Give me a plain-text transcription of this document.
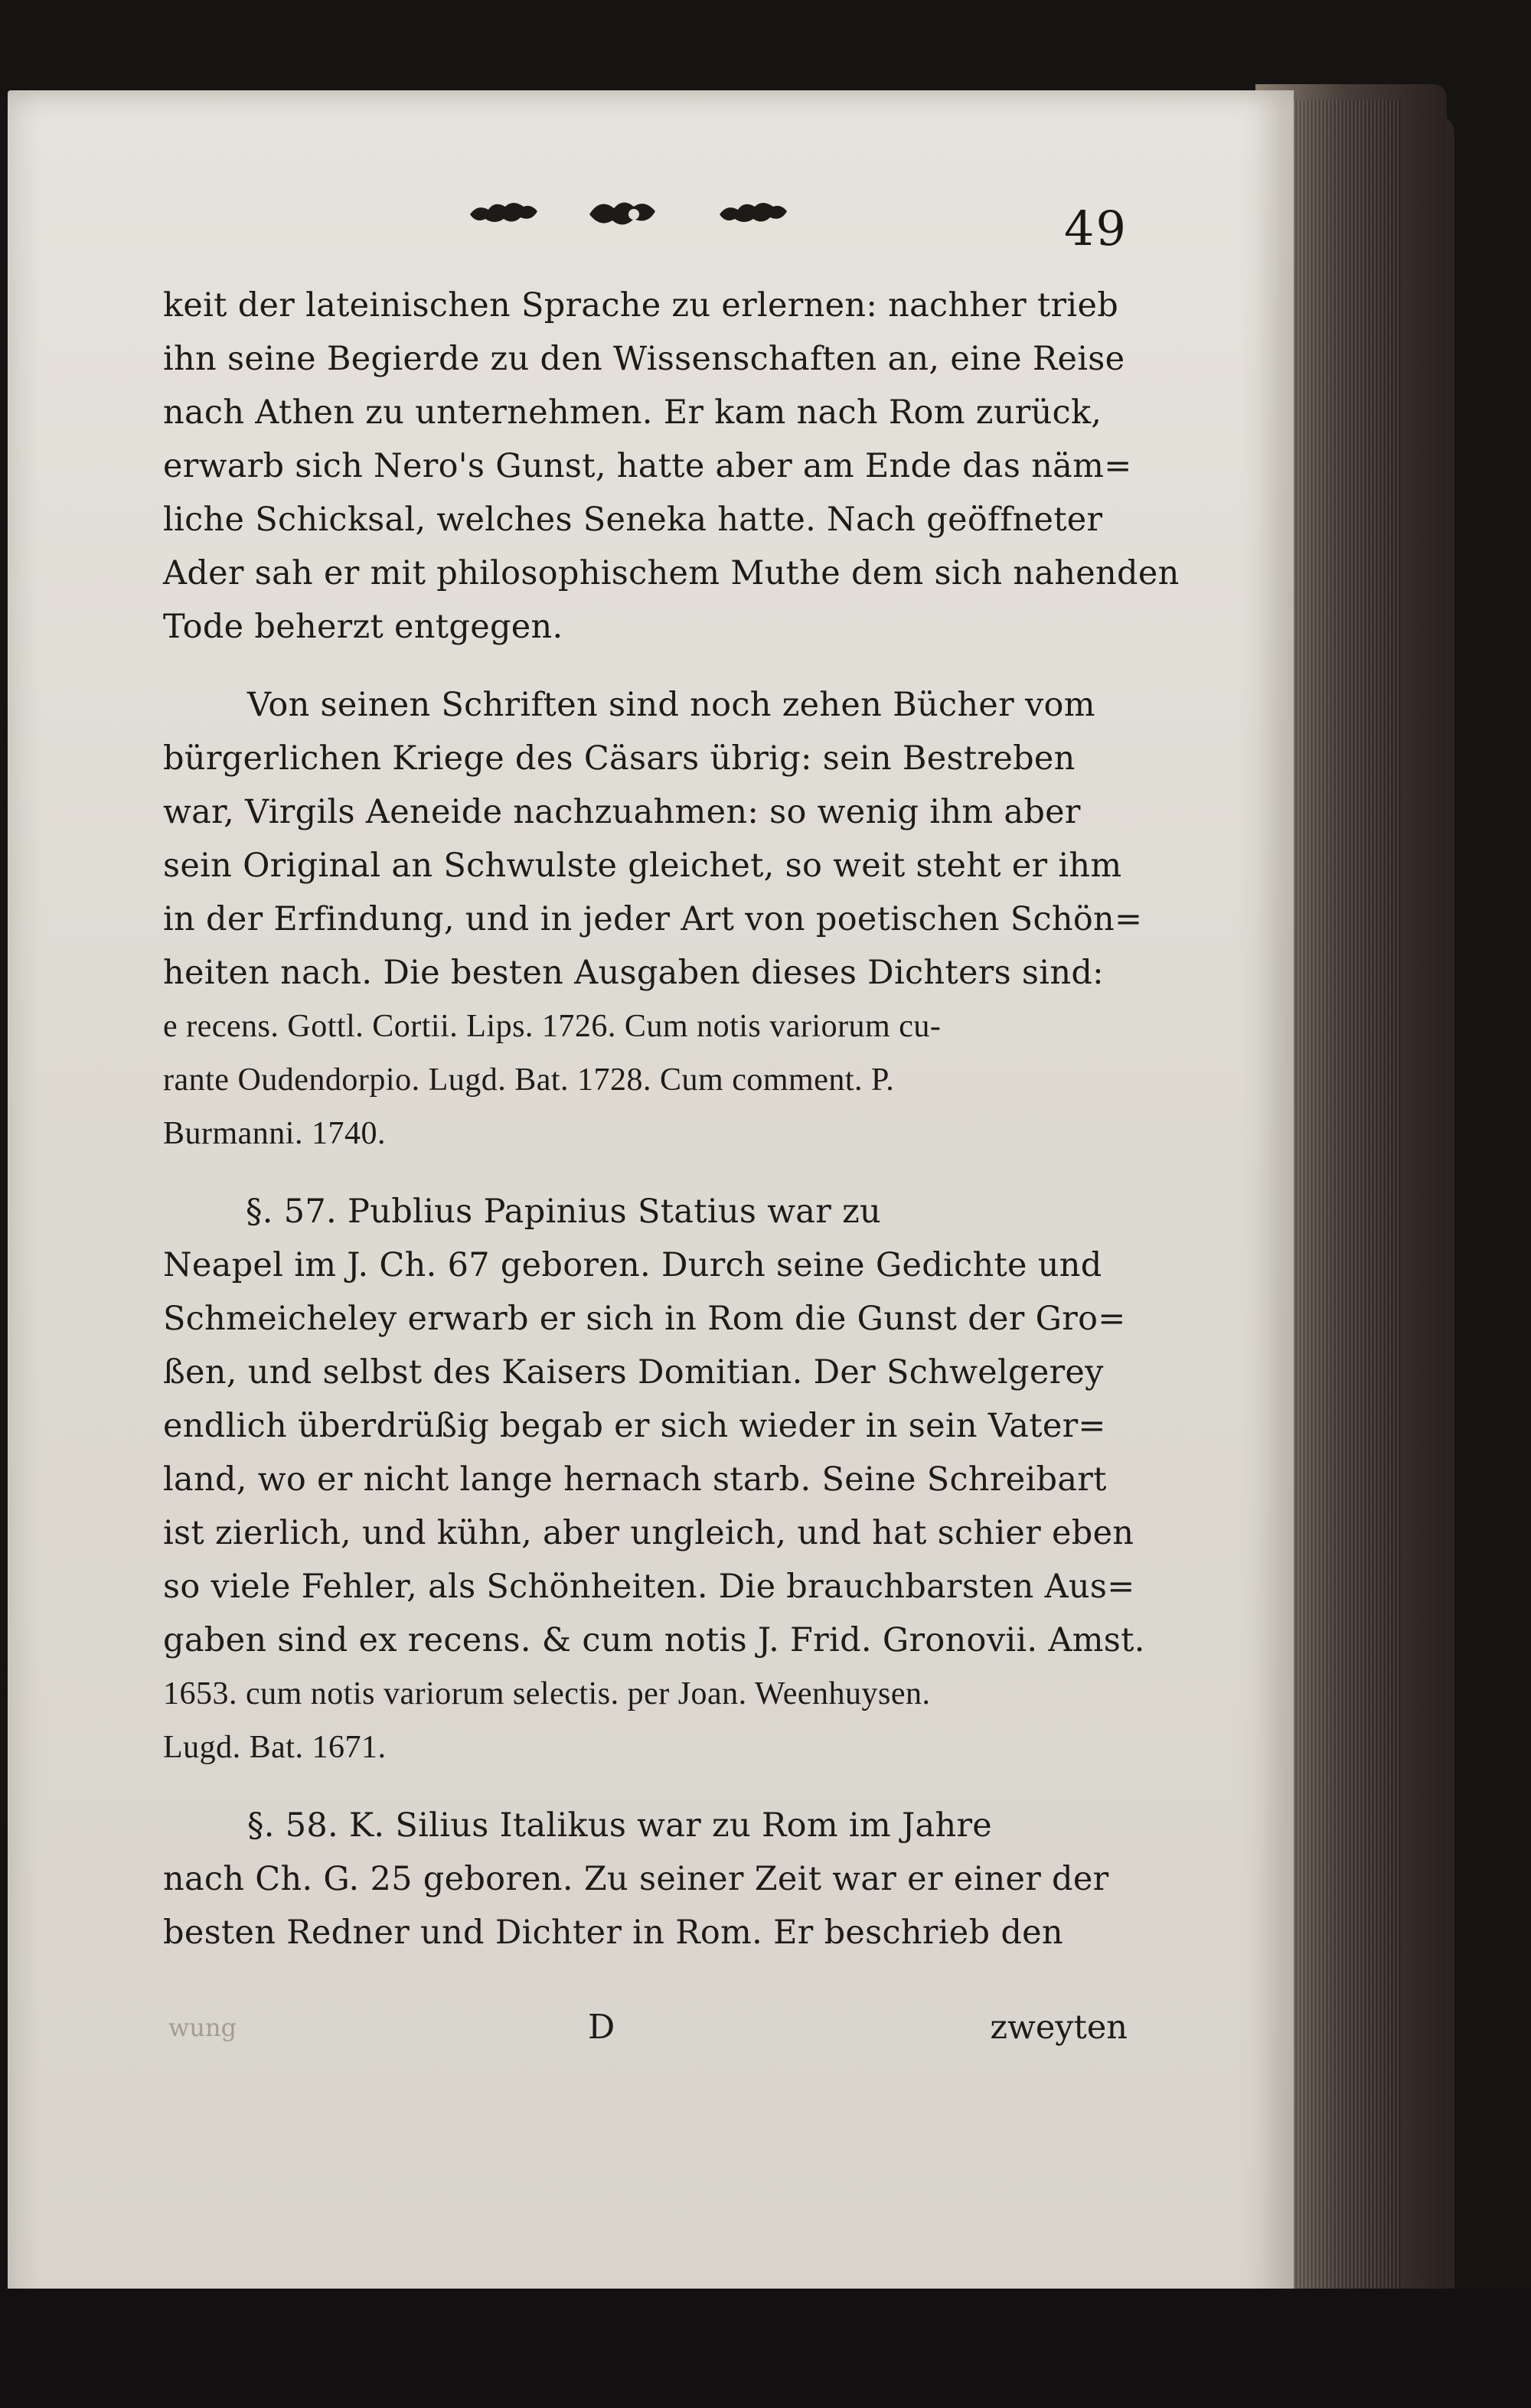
49
keit der lateinischen Sprache zu erlernen: nachher trieb
ihn seine Begierde zu den Wissenschaften an, eine Reise
nach Athen zu unternehmen. Er kam nach Rom zurück,
erwarb sich Nero's Gunst, hatte aber am Ende das näm=
liche Schicksal, welches Seneka hatte. Nach geöffneter
Ader sah er mit philosophischem Muthe dem sich nahenden
Tode beherzt entgegen.
Von seinen Schriften sind noch zehen Bücher vom
bürgerlichen Kriege des Cäsars übrig: sein Bestreben
war, Virgils Aeneide nachzuahmen: so wenig ihm aber
sein Original an Schwulste gleichet, so weit steht er ihm
in der Erfindung, und in jeder Art von poetischen Schön=
heiten nach. Die besten Ausgaben dieses Dichters sind:
e recens. Gottl. Cortii. Lips. 1726. Cum notis variorum cu-
rante Oudendorpio. Lugd. Bat. 1728. Cum comment. P.
Burmanni. 1740.
§. 57. Publius Papinius Statius war zu
Neapel im J. Ch. 67 geboren. Durch seine Gedichte und
Schmeicheley erwarb er sich in Rom die Gunst der Gro=
ßen, und selbst des Kaisers Domitian. Der Schwelgerey
endlich überdrüßig begab er sich wieder in sein Vater=
land, wo er nicht lange hernach starb. Seine Schreibart
ist zierlich, und kühn, aber ungleich, und hat schier eben
so viele Fehler, als Schönheiten. Die brauchbarsten Aus=
gaben sind ex recens. & cum notis J. Frid. Gronovii. Amst.
1653. cum notis variorum selectis. per Joan. Weenhuysen.
Lugd. Bat. 1671.
§. 58. K. Silius Italikus war zu Rom im Jahre
nach Ch. G. 25 geboren. Zu seiner Zeit war er einer der
besten Redner und Dichter in Rom. Er beschrieb den
wung	D	zweyten
